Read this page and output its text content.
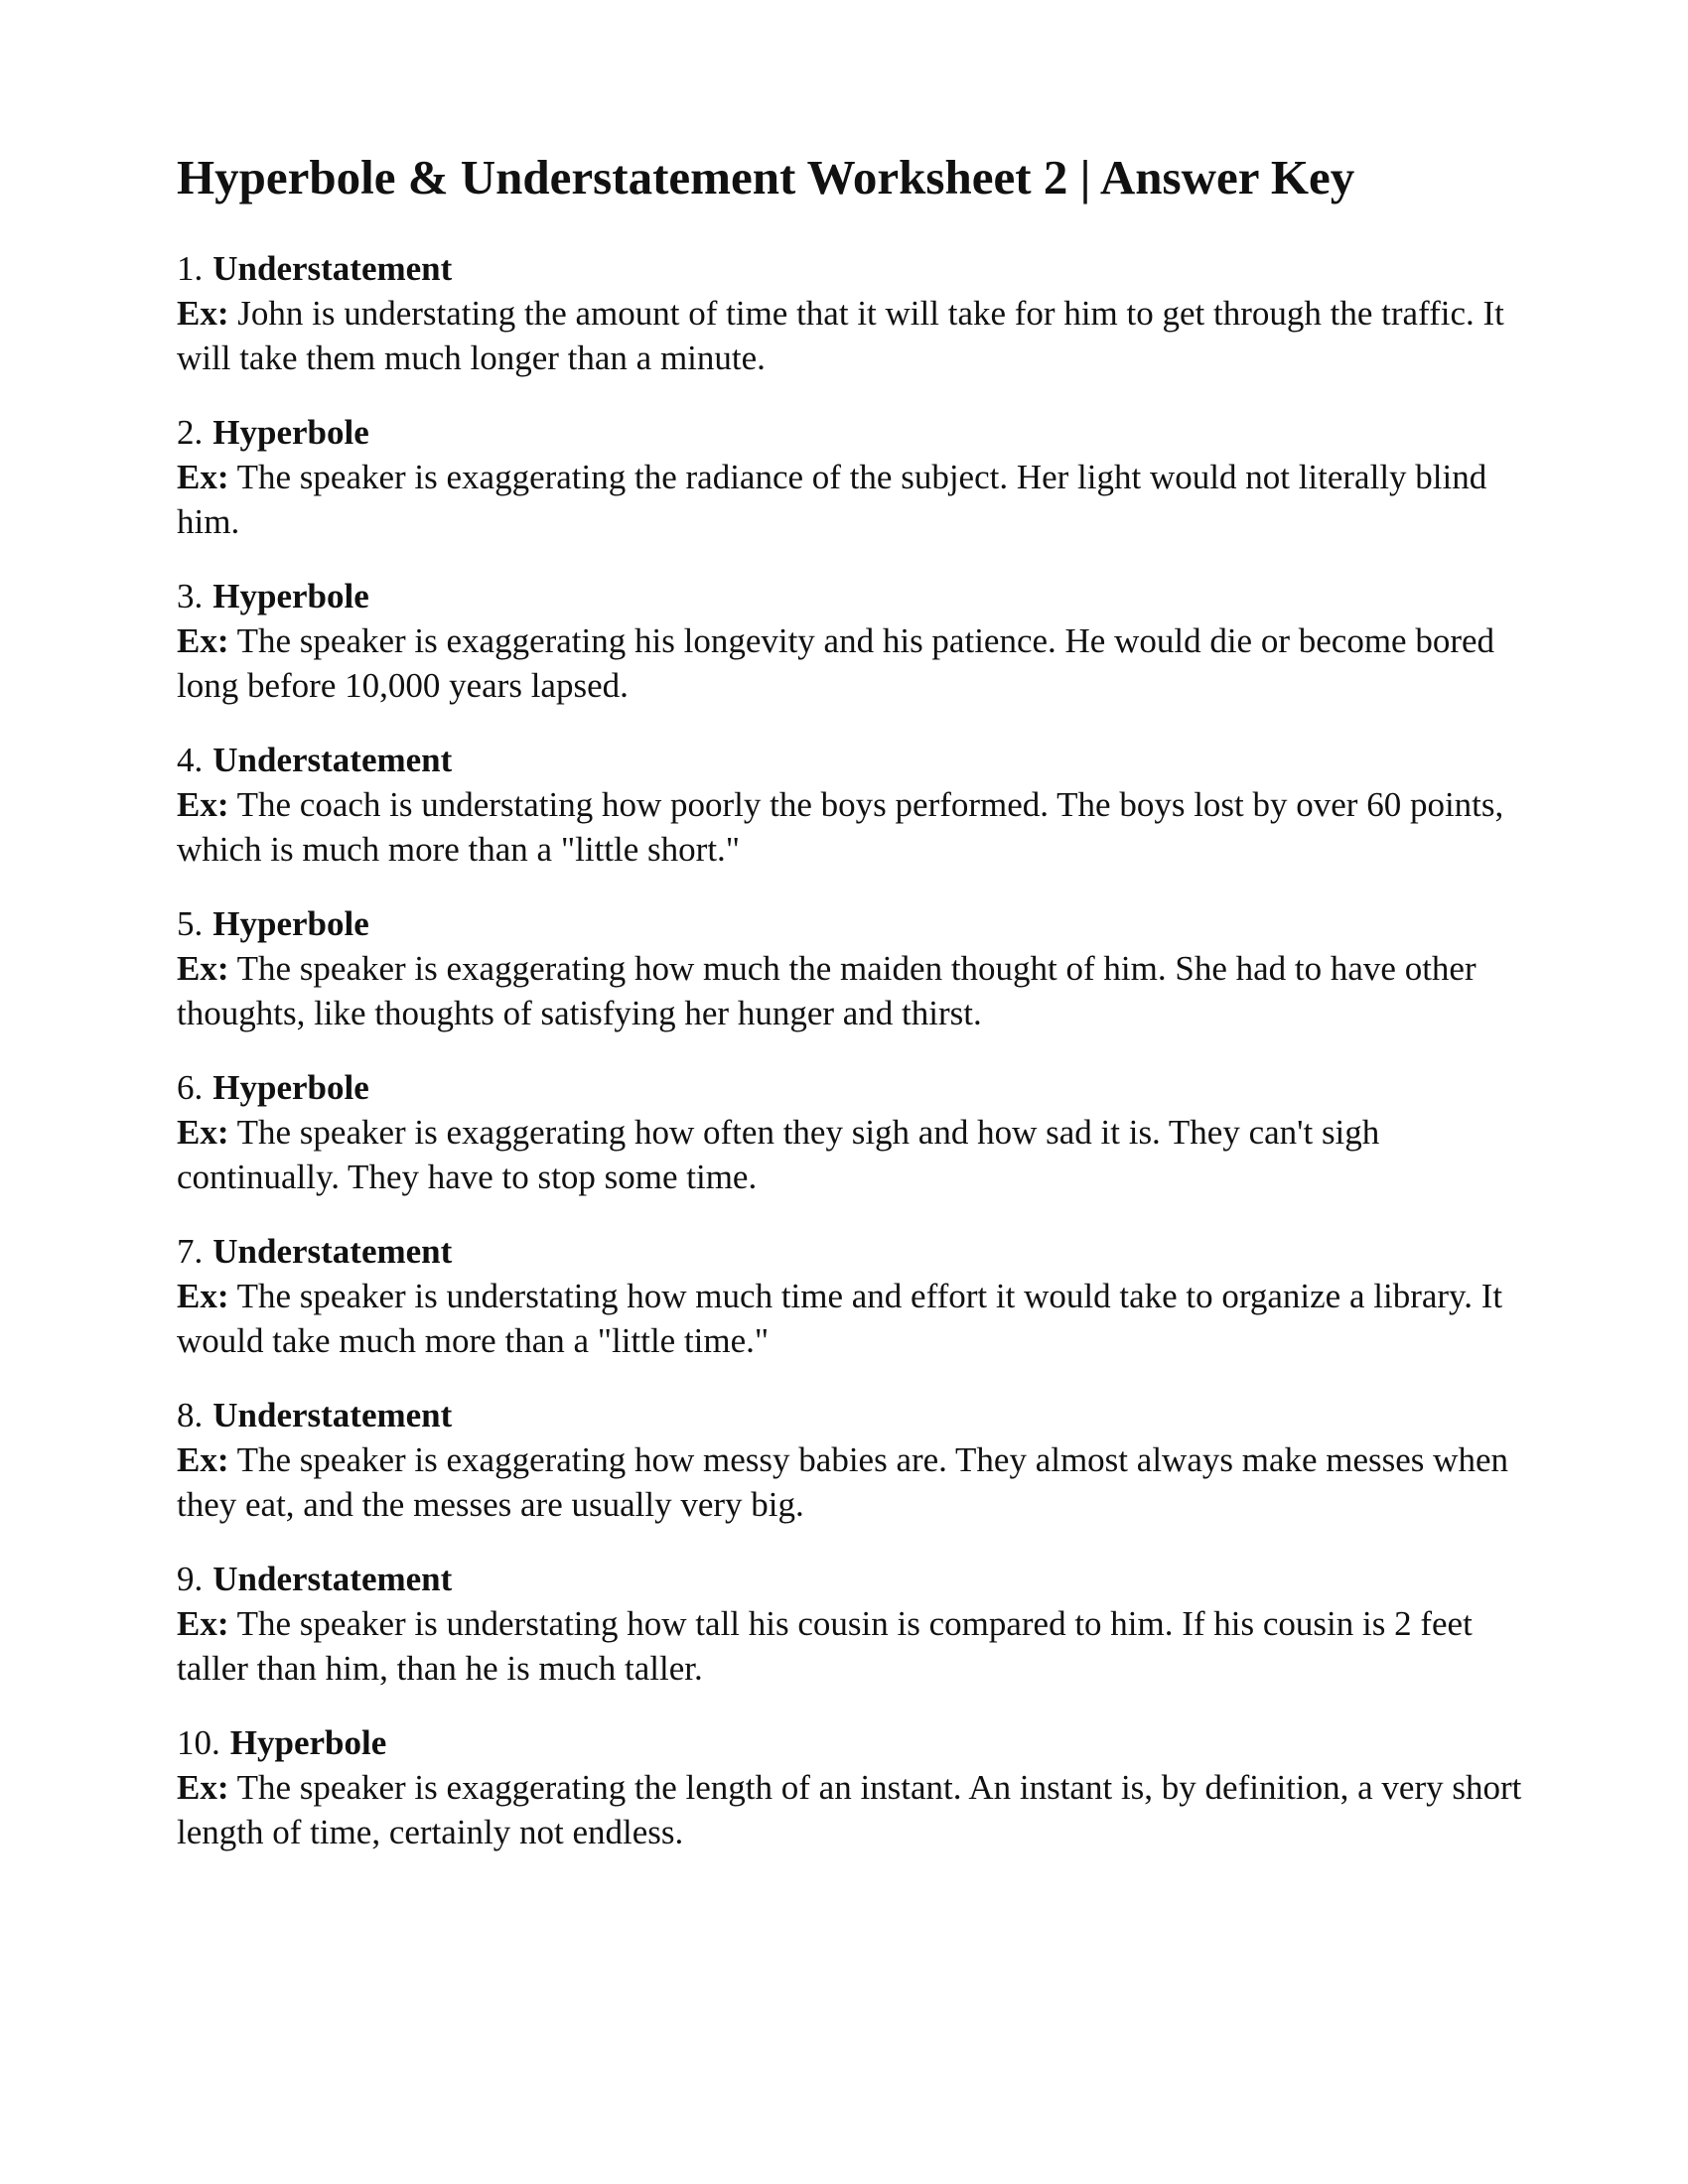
Hyperbole & Understatement Worksheet 2 | Answer Key
1. Understatement
Ex: John is understating the amount of time that it will take for him to get through the traffic. It will take them much longer than a minute.
2. Hyperbole
Ex: The speaker is exaggerating the radiance of the subject. Her light would not literally blind him.
3. Hyperbole
Ex: The speaker is exaggerating his longevity and his patience. He would die or become bored long before 10,000 years lapsed.
4. Understatement
Ex: The coach is understating how poorly the boys performed. The boys lost by over 60 points, which is much more than a "little short."
5. Hyperbole
Ex: The speaker is exaggerating how much the maiden thought of him. She had to have other thoughts, like thoughts of satisfying her hunger and thirst.
6. Hyperbole
Ex: The speaker is exaggerating how often they sigh and how sad it is. They can't sigh continually. They have to stop some time.
7. Understatement
Ex: The speaker is understating how much time and effort it would take to organize a library. It would take much more than a "little time."
8. Understatement
Ex: The speaker is exaggerating how messy babies are. They almost always make messes when they eat, and the messes are usually very big.
9. Understatement
Ex: The speaker is understating how tall his cousin is compared to him. If his cousin is 2 feet taller than him, than he is much taller.
10. Hyperbole
Ex: The speaker is exaggerating the length of an instant. An instant is, by definition, a very short length of time, certainly not endless.
